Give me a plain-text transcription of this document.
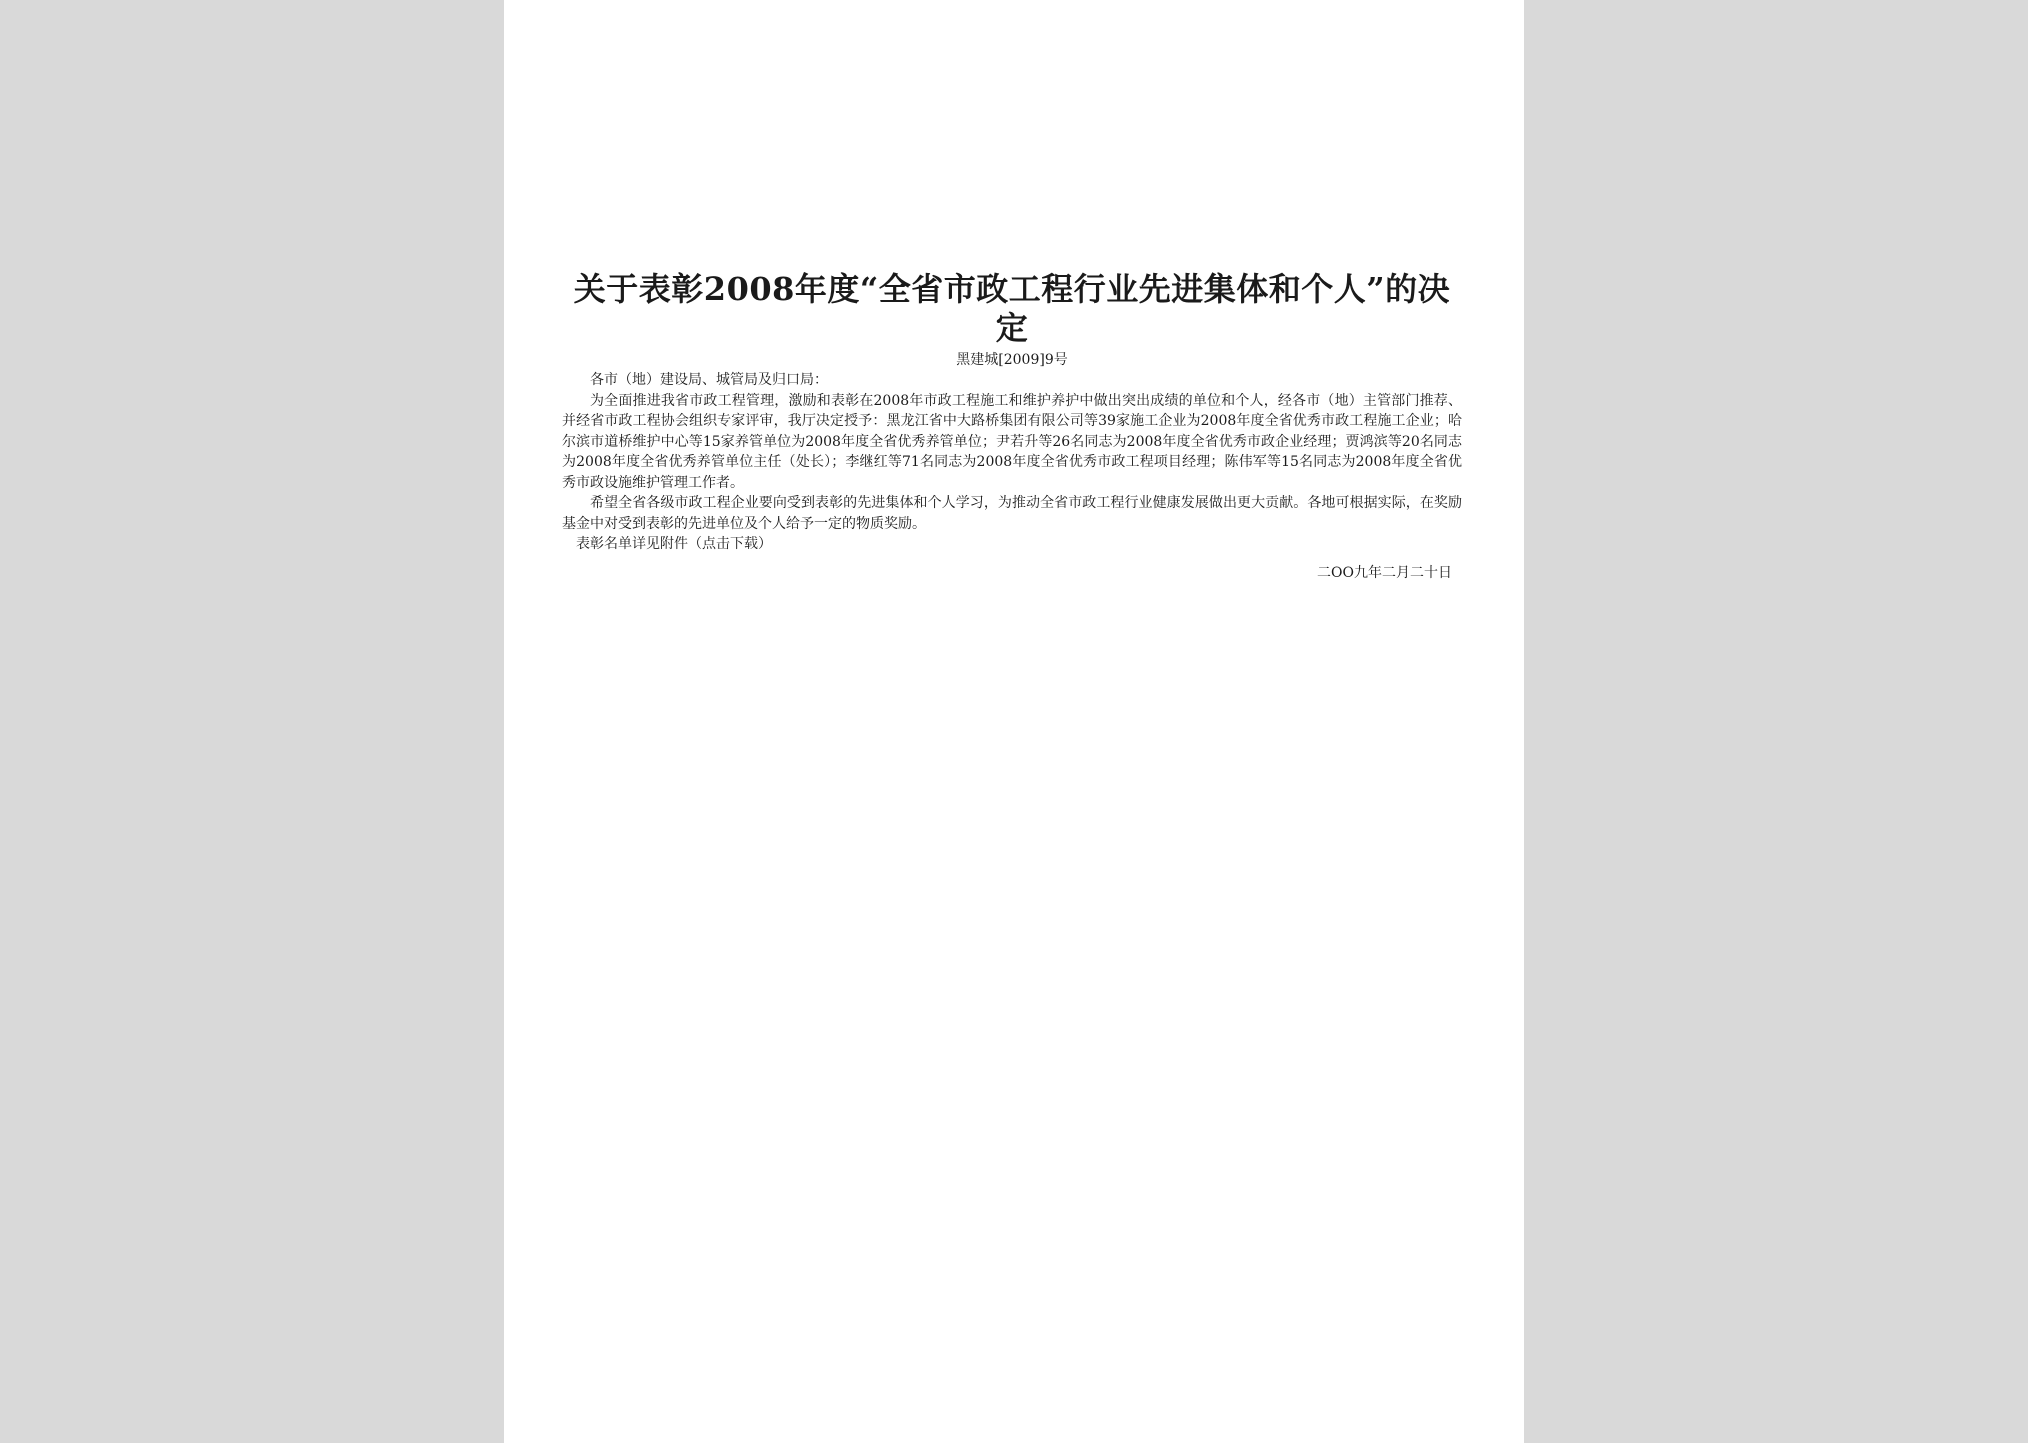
关于表彰2008年度“全省市政工程行业先进集体和个人”的决定
黑建城[2009]9号

各市（地）建设局、城管局及归口局：

为全面推进我省市政工程管理，激励和表彰在2008年市政工程施工和维护养护中做出突出成绩的单位和个人，经各市（地）主管部门推荐、并经省市政工程协会组织专家评审，我厅决定授予：黑龙江省中大路桥集团有限公司等39家施工企业为2008年度全省优秀市政工程施工企业；哈尔滨市道桥维护中心等15家养管单位为2008年度全省优秀养管单位；尹若升等26名同志为2008年度全省优秀市政企业经理；贾鸿滨等20名同志为2008年度全省优秀养管单位主任（处长）；李继红等71名同志为2008年度全省优秀市政工程项目经理；陈伟军等15名同志为2008年度全省优秀市政设施维护管理工作者。

希望全省各级市政工程企业要向受到表彰的先进集体和个人学习，为推动全省市政工程行业健康发展做出更大贡献。各地可根据实际，在奖励基金中对受到表彰的先进单位及个人给予一定的物质奖励。

表彰名单详见附件（点击下载）

二OO九年二月二十日
